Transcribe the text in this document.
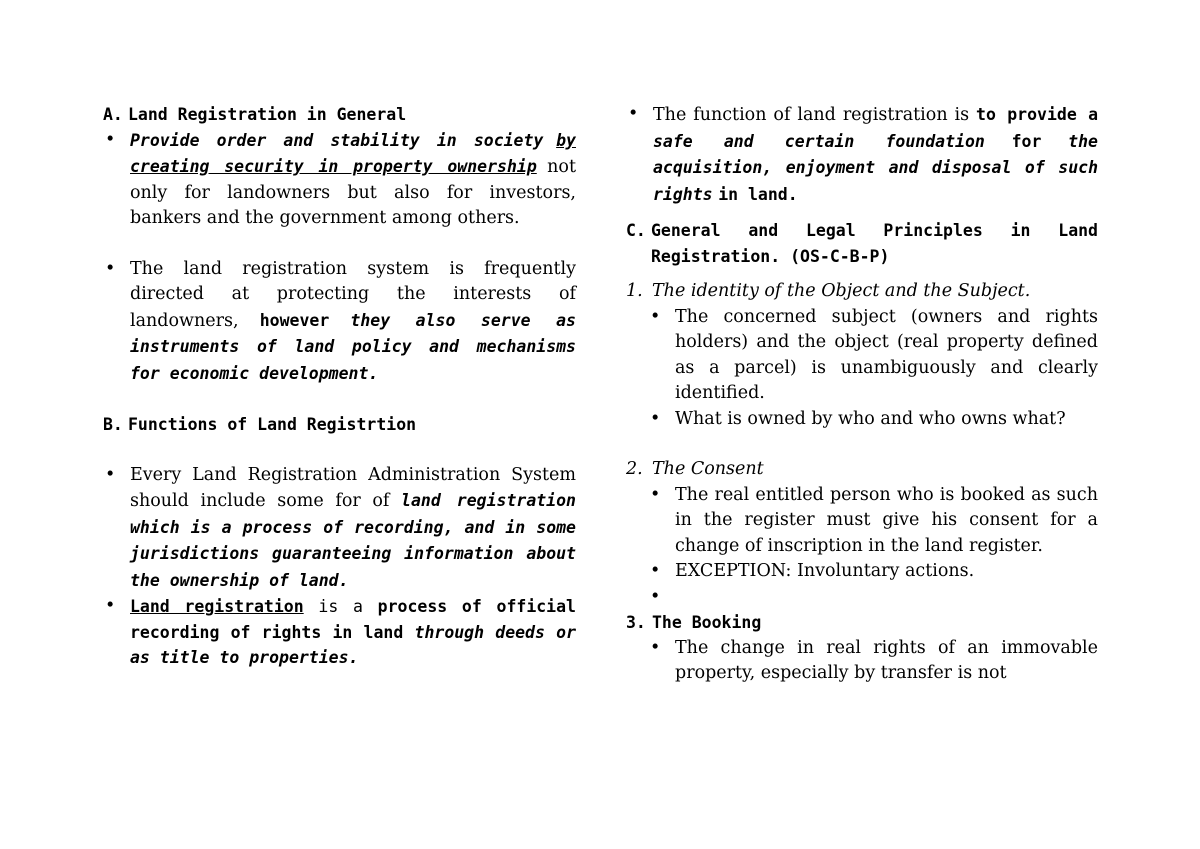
A. Land Registration in General
• Provide order and stability in society by creating security in property ownership not only for landowners but also for investors, bankers and the government among others.
• The land registration system is frequently directed at protecting the interests of landowners, however they also serve as instruments of land policy and mechanisms for economic development.
B. Functions of Land Registrtion
• Every Land Registration Administration System should include some for of land registration which is a process of recording, and in some jurisdictions guaranteeing information about the ownership of land.
• Land registration is a process of official recording of rights in land through deeds or as title to properties.
• The function of land registration is to provide a safe and certain foundation for the acquisition, enjoyment and disposal of such rights in land.
C. General and Legal Principles in Land Registration. (OS-C-B-P)
1. The identity of the Object and the Subject.
• The concerned subject (owners and rights holders) and the object (real property defined as a parcel) is unambiguously and clearly identified.
• What is owned by who and who owns what?
2. The Consent
• The real entitled person who is booked as such in the register must give his consent for a change of inscription in the land register.
• EXCEPTION: Involuntary actions.
•

3. The Booking
• The change in real rights of an immovable property, especially by transfer is not
